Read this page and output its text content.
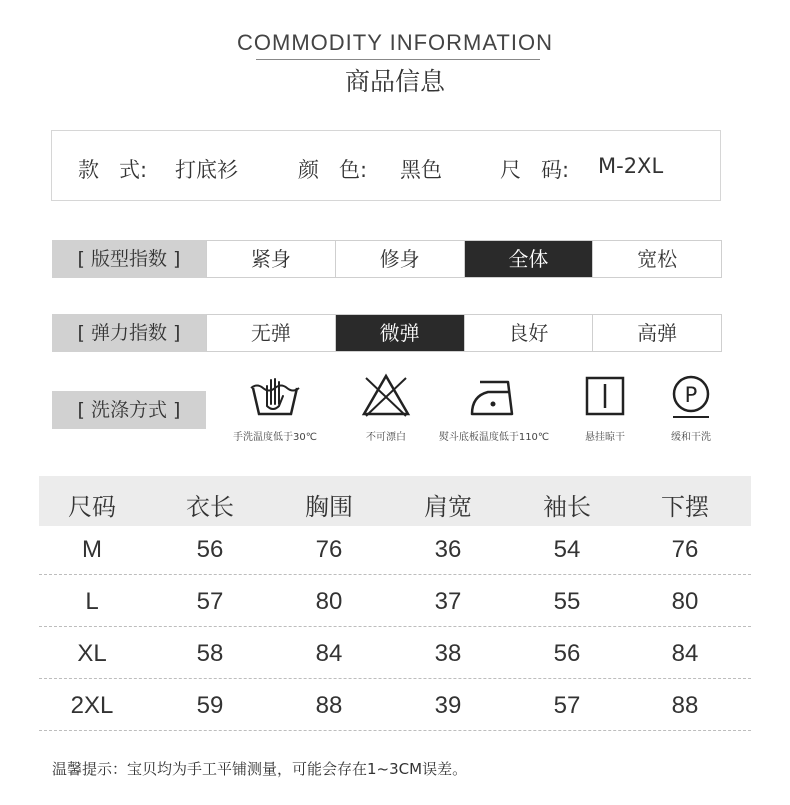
COMMODITY INFORMATION
商品信息
款   式: 打底衫	颜   色: 黑色	尺   码: M-2XL
[ 版型指数 ]	紧身	修身	全体	宽松
[ 弹力指数 ]	无弹	微弹	良好	高弹
[ 洗涤方式 ]
手洗温度低于30℃	不可漂白	熨斗底板温度低于110℃	悬挂晾干
P
缓和干洗
尺码	衣长	胸围	肩宽	袖长	下摆
M	56	76	36	54	76
L	57	80	37	55	80
XL	58	84	38	56	84
2XL	59	88	39	57	88
温馨提示：宝贝均为手工平铺测量，可能会存在1~3CM误差。
